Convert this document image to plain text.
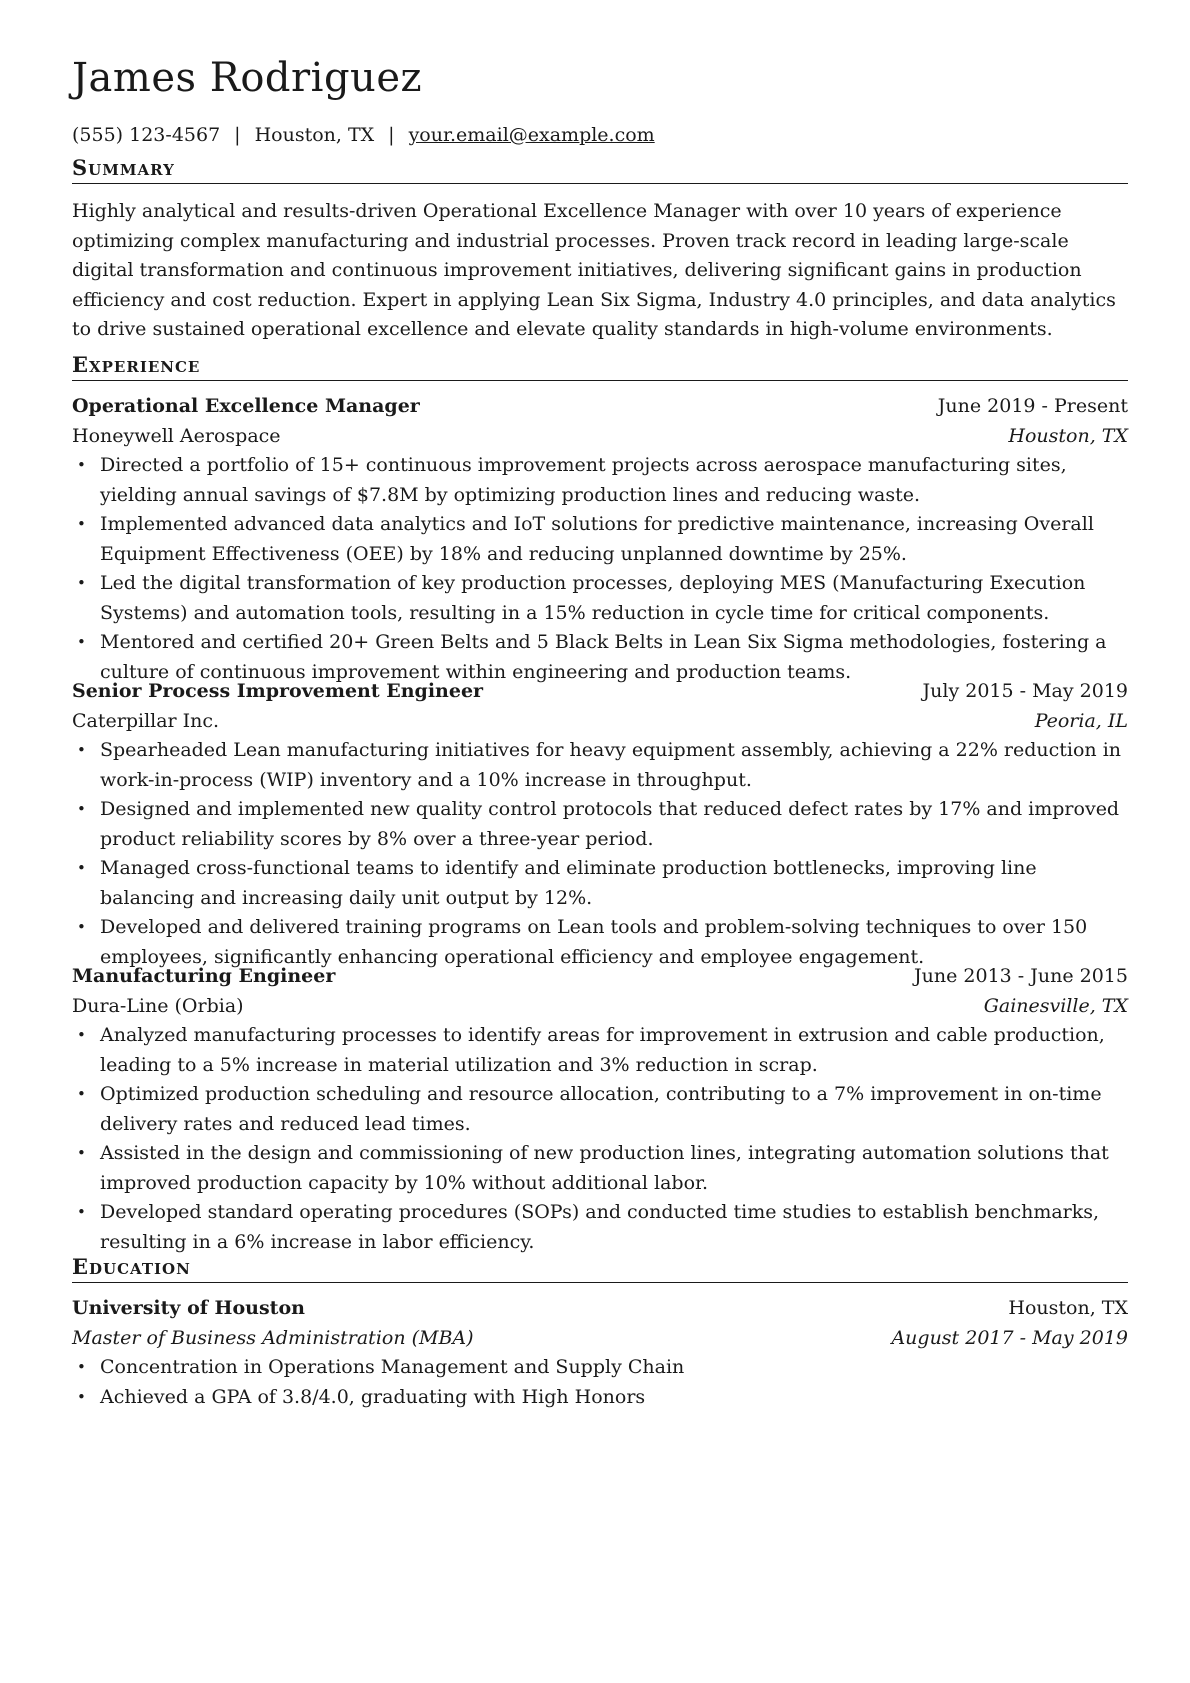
James Rodriguez
(555) 123-4567 | Houston, TX | your.email@example.com
Summary
Highly analytical and results-driven Operational Excellence Manager with over 10 years of experience optimizing complex manufacturing and industrial processes. Proven track record in leading large-scale digital transformation and continuous improvement initiatives, delivering significant gains in production efficiency and cost reduction. Expert in applying Lean Six Sigma, Industry 4.0 principles, and data analytics to drive sustained operational excellence and elevate quality standards in high-volume environments.
Experience
Operational Excellence Manager	June 2019 - Present
Honeywell Aerospace	Houston, TX
• Directed a portfolio of 15+ continuous improvement projects across aerospace manufacturing sites, yielding annual savings of $7.8M by optimizing production lines and reducing waste.
• Implemented advanced data analytics and IoT solutions for predictive maintenance, increasing Overall Equipment Effectiveness (OEE) by 18% and reducing unplanned downtime by 25%.
• Led the digital transformation of key production processes, deploying MES (Manufacturing Execution Systems) and automation tools, resulting in a 15% reduction in cycle time for critical components.
• Mentored and certified 20+ Green Belts and 5 Black Belts in Lean Six Sigma methodologies, fostering a culture of continuous improvement within engineering and production teams.
Senior Process Improvement Engineer	July 2015 - May 2019
Caterpillar Inc.	Peoria, IL
• Spearheaded Lean manufacturing initiatives for heavy equipment assembly, achieving a 22% reduction in work-in-process (WIP) inventory and a 10% increase in throughput.
• Designed and implemented new quality control protocols that reduced defect rates by 17% and improved product reliability scores by 8% over a three-year period.
• Managed cross-functional teams to identify and eliminate production bottlenecks, improving line balancing and increasing daily unit output by 12%.
• Developed and delivered training programs on Lean tools and problem-solving techniques to over 150 employees, significantly enhancing operational efficiency and employee engagement.
Manufacturing Engineer	June 2013 - June 2015
Dura-Line (Orbia)	Gainesville, TX
• Analyzed manufacturing processes to identify areas for improvement in extrusion and cable production, leading to a 5% increase in material utilization and 3% reduction in scrap.
• Optimized production scheduling and resource allocation, contributing to a 7% improvement in on-time delivery rates and reduced lead times.
• Assisted in the design and commissioning of new production lines, integrating automation solutions that improved production capacity by 10% without additional labor.
• Developed standard operating procedures (SOPs) and conducted time studies to establish benchmarks, resulting in a 6% increase in labor efficiency.
Education
University of Houston	Houston, TX
Master of Business Administration (MBA)	August 2017 - May 2019
• Concentration in Operations Management and Supply Chain
• Achieved a GPA of 3.8/4.0, graduating with High Honors
